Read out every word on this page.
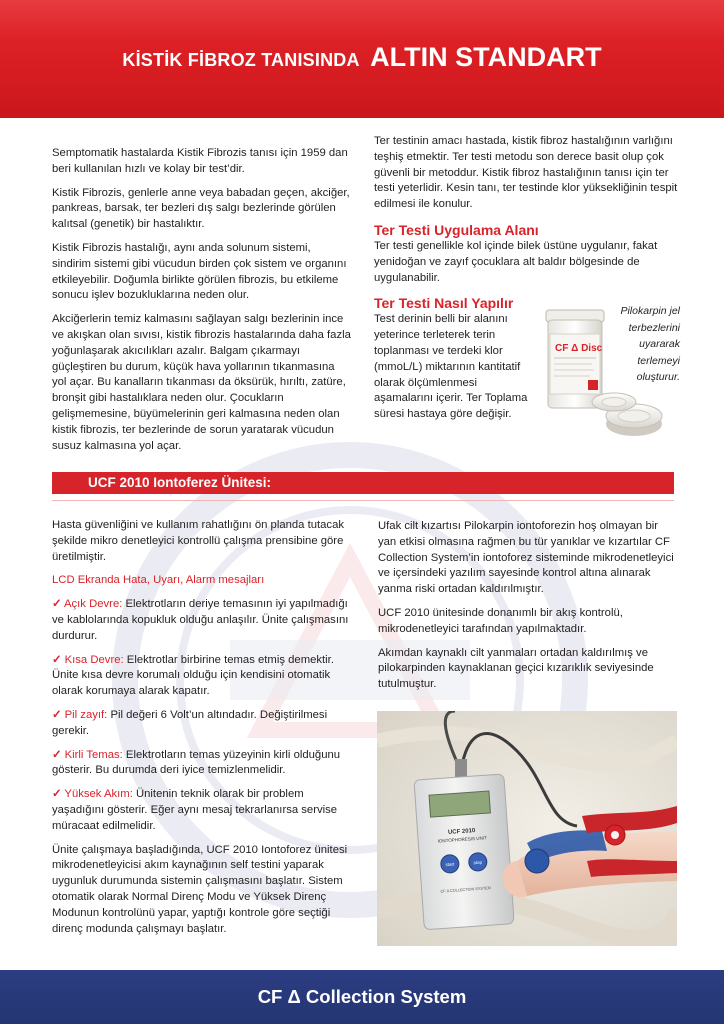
KİSTİK FİBROZ TANISINDA ALTIN STANDART

Semptomatik hastalarda Kistik Fibrozis tanısı için 1959 dan beri kullanılan hızlı ve kolay bir test’dir.

Kistik Fibrozis, genlerle anne veya babadan geçen, akciğer, pankreas, barsak, ter bezleri dış salgı bezlerinde görülen kalıtsal (genetik) bir hastalıktır.

Kistik Fibrozis hastalığı, aynı anda solunum sistemi, sindirim sistemi gibi vücudun birden çok sistem ve organını etkileyebilir. Doğumla birlikte görülen fibrozis, bu etkileme sonucu işlev bozukluklarına neden olur.

Akciğerlerin temiz kalmasını sağlayan salgı bezlerinin ince ve akışkan olan sıvısı, kistik fibrozis hastalarında daha fazla yoğunlaşarak akıcılıkları azalır. Balgam çıkarmayı güçleştiren bu durum, küçük hava yollarının tıkanmasına yol açar. Bu kanalların tıkanması da öksürük, hırıltı, zatüre, bronşit gibi hastalıklara neden olur. Çocukların gelişmemesine, büyümelerinin geri kalmasına neden olan kistik fibrozis, ter bezlerinde de sorun yaratarak vücudun susuz kalmasına yol açar.

Ter testinin amacı hastada, kistik fibroz hastalığının varlığını teşhiş etmektir. Ter testi metodu son derece basit olup çok güvenli bir metoddur. Kistik fibroz hastalığının tanısı için ter testi yeterlidir. Kesin tanı, ter testinde klor yüksekliğinin tespit edilmesi ile konulur.

Ter Testi Uygulama Alanı

Ter testi genellikle kol içinde bilek üstüne uygulanır, fakat yenidoğan ve zayıf çocuklara alt baldır bölgesinde de uygulanabilir.

Ter Testi Nasıl Yapılır

Test derinin belli bir alanını yeterince terleterek terin toplanması ve terdeki klor (mmoL/L) miktarının kantitatif olarak ölçümlenmesi aşamalarını içerir. Ter Toplama süresi hastaya göre değişir.

CF Δ Disc
Pilokarpin jel terbezlerini uyararak terlemeyi oluşturur.
UCF 2010 Iontoferez Ünitesi:

Hasta güvenliğini ve kullanım rahatlığını ön planda tutacak şekilde mikro denetleyici kontrollü çalışma prensibine göre üretilmiştir.

LCD Ekranda Hata, Uyarı, Alarm mesajları

✓ Açık Devre: Elektrotların deriye temasının iyi yapılmadığı ve kablolarında kopukluk olduğu anlaşılır. Ünite çalışmasını durdurur.

✓ Kısa Devre: Elektrotlar birbirine temas etmiş demektir. Ünite kısa devre korumalı olduğu için kendisini otomatik olarak korumaya alarak kapatır.

✓ Pil zayıf: Pil değeri 6 Volt’un altındadır. Değiştirilmesi gerekir.

✓ Kirli Temas: Elektrotların temas yüzeyinin kirli olduğunu gösterir. Bu durumda deri iyice temizlenmelidir.

✓ Yüksek Akım: Ünitenin teknik olarak bir problem yaşadığını gösterir. Eğer aynı mesaj tekrarlanırsa servise müracaat edilmelidir.

Ünite çalışmaya başladığında, UCF 2010 Iontoforez ünitesi mikrodenetleyicisi akım kaynağının self testini yaparak uygunluk durumunda sistemin çalışmasını başlatır. Sistem otomatik olarak Normal Direnç Modu ve Yüksek Direnç Modunun kontrolünü yapar, yaptığı kontrole göre seçtiği direnç modunda çalışmayı başlatır.

Ufak cilt kızartısı Pilokarpin iontoforezin hoş olmayan bir yan etkisi olmasına rağmen bu tür yanıklar ve kızartılar CF Collection System’in iontoforez sisteminde mikrodenetleyici ve içersindeki yazılım sayesinde kontrol altına alınarak yanma riski ortadan kaldırılmıştır.

UCF 2010 ünitesinde donanımlı bir akış kontrolü, mikrodenetleyici tarafından yapılmaktadır.

Akımdan kaynaklı cilt yanmaları ortadan kaldırılmış ve pilokarpinden kaynaklanan geçici kızarıklık seviyesinde tutulmuştur.

UCF 2010
IONTOPHORESIS UNIT
start	stop
CF Δ COLLECTION SYSTEM
CF Δ Collection System
